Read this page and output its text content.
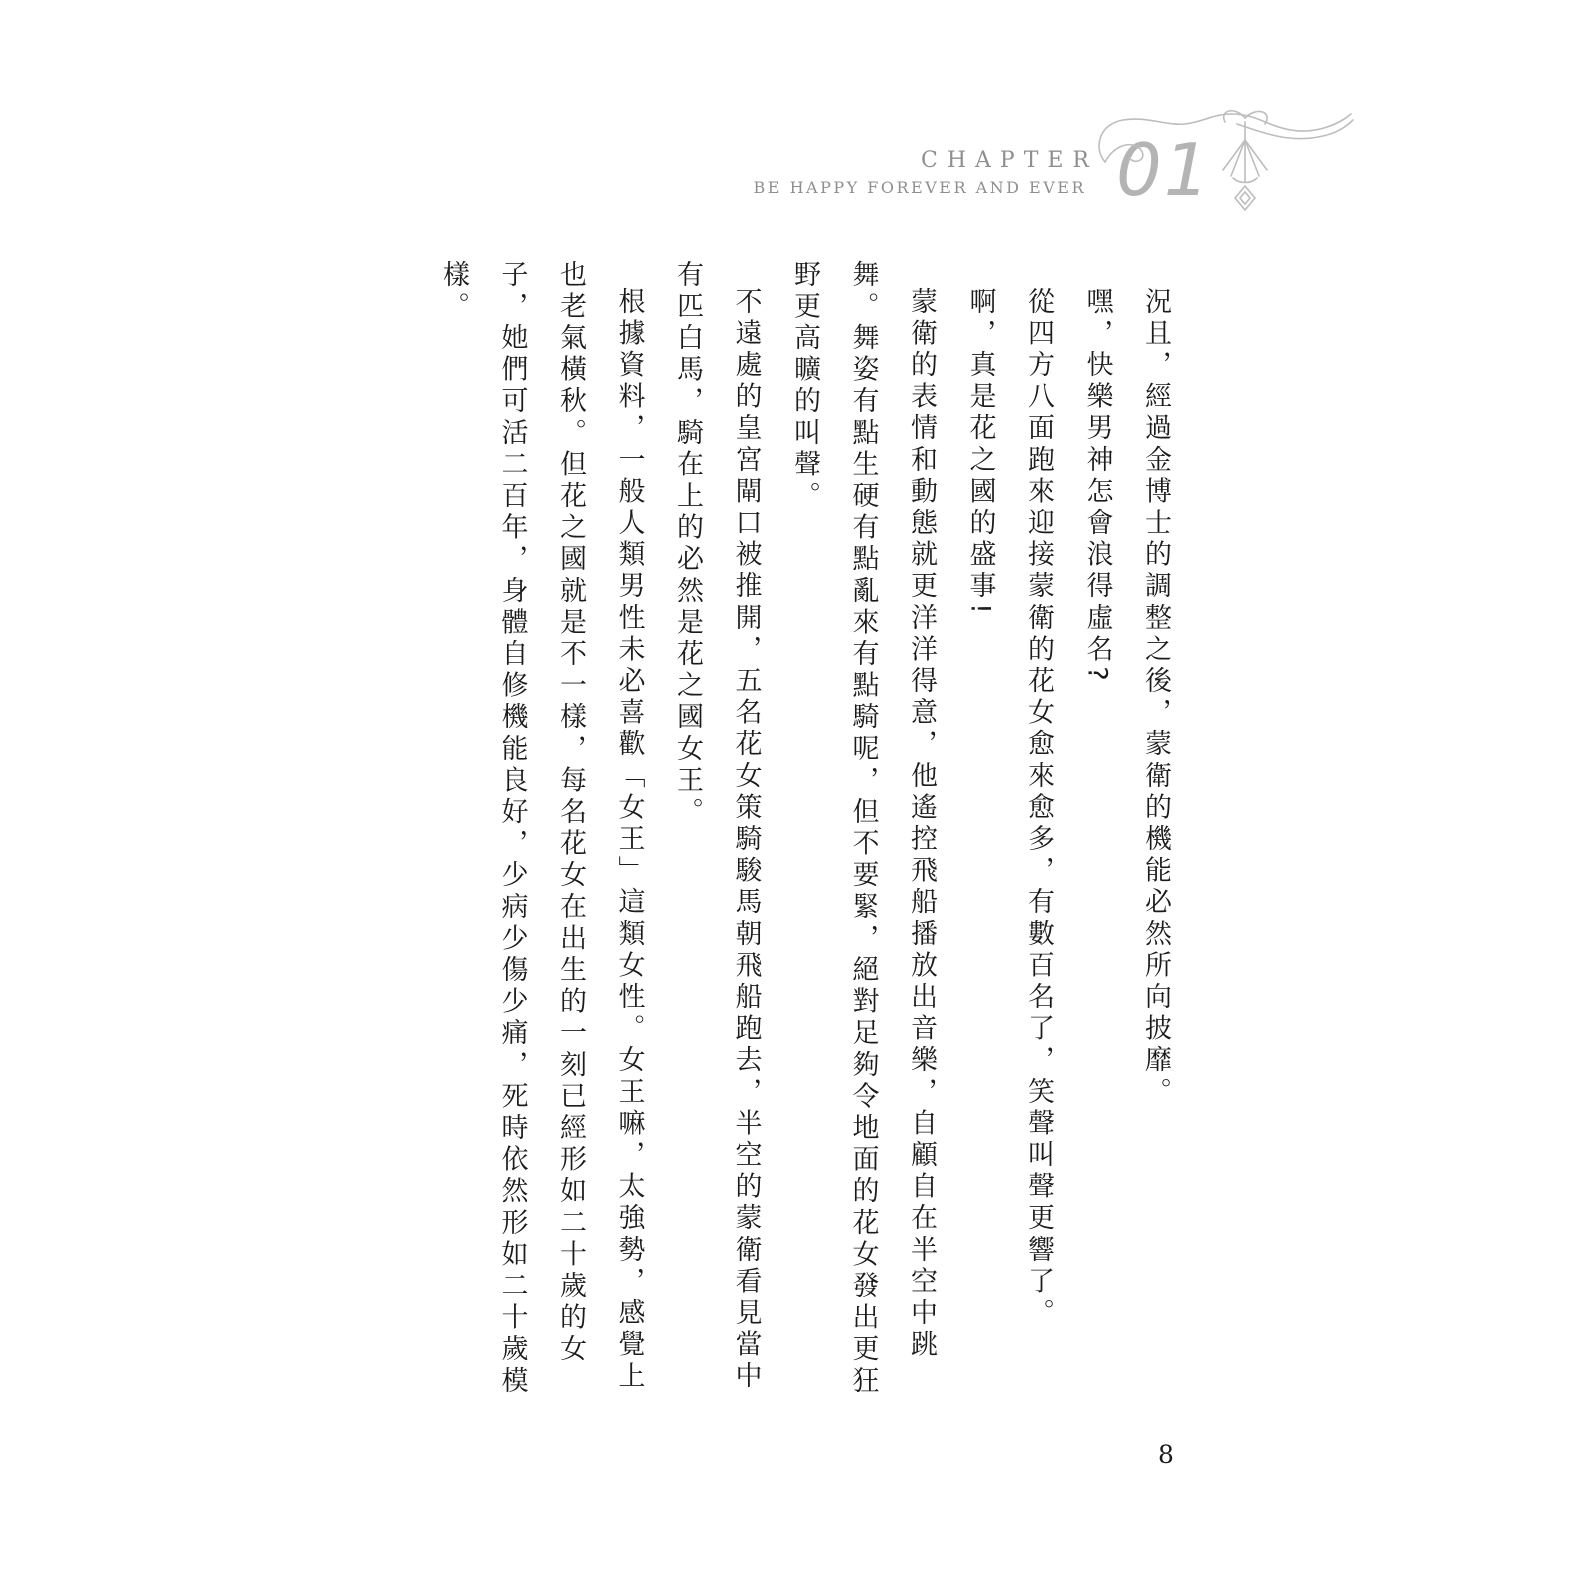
CHAPTER
BE HAPPY FOREVER AND EVER 01

況且，經過金博士的調整之後，蒙衛的機能必然所向披靡。

嘿，快樂男神怎會浪得虛名?

從四方八面跑來迎接蒙衛的花女愈來愈多，有數百名了，笑聲叫聲更響了。

啊，真是花之國的盛事!

蒙衛的表情和動態就更洋洋得意，他遙控飛船播放出音樂，自顧自在半空中跳舞。舞姿有點生硬有點亂來有點騎呢，但不要緊，絕對足夠令地面的花女發出更狂野更高曠的叫聲。

不遠處的皇宮閘口被推開，五名花女策騎駿馬朝飛船跑去，半空的蒙衛看見當中有匹白馬，騎在上的必然是花之國女王。

根據資料，一般人類男性未必喜歡「女王」這類女性。女王嘛，太強勢，感覺上也老氣橫秋。但花之國就是不一樣，每名花女在出生的一刻已經形如二十歲的女子，她們可活二百年，身體自修機能良好，少病少傷少痛，死時依然形如二十歲模樣。

8
